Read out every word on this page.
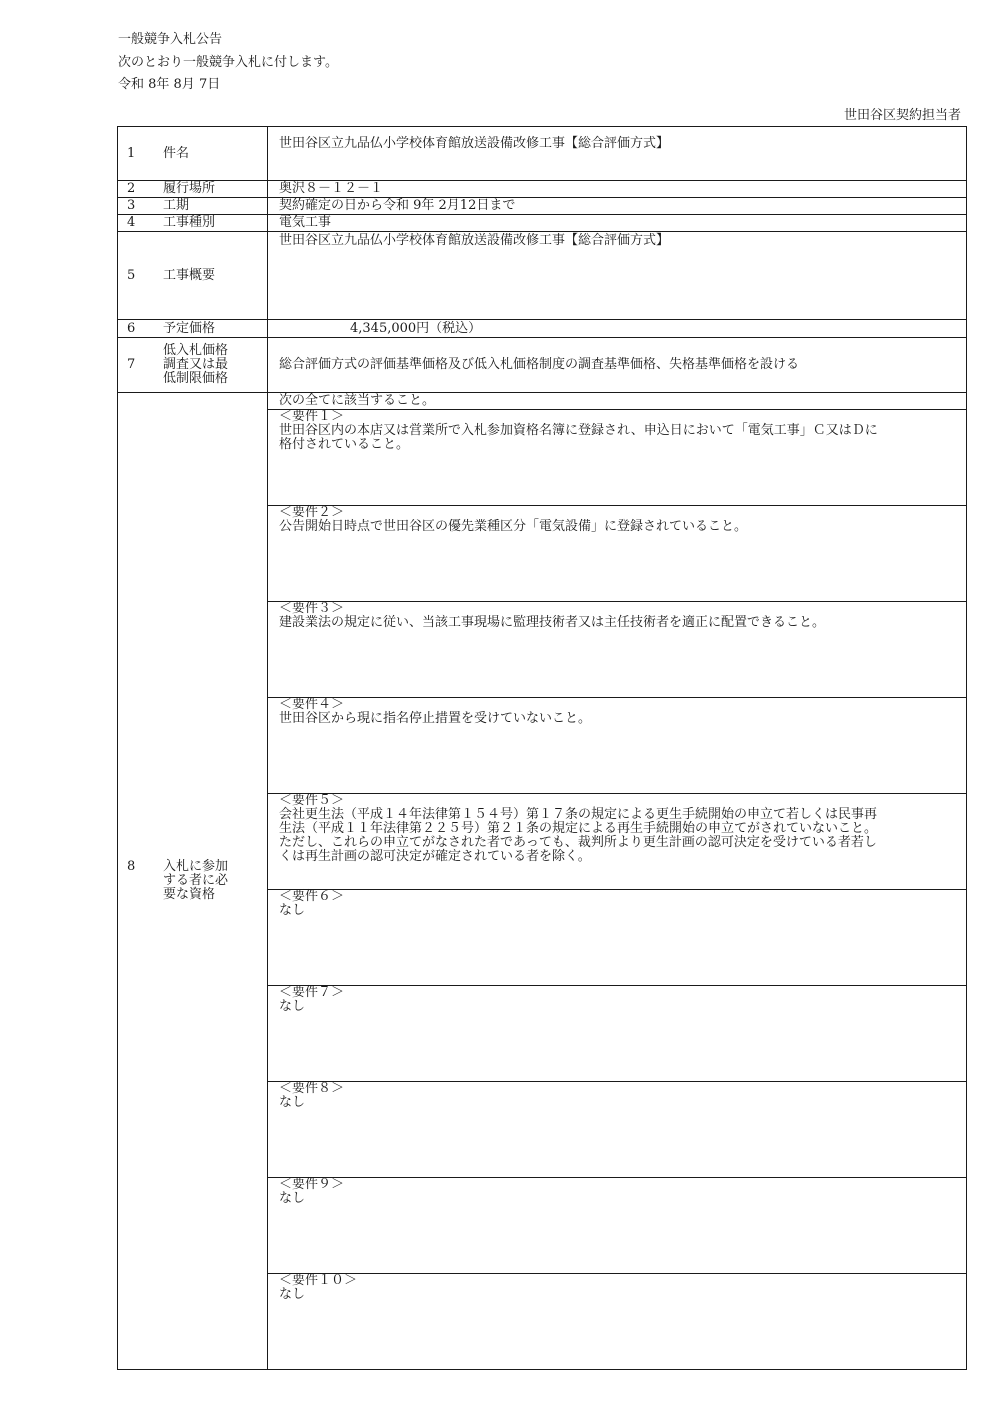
一般競争入札公告
次のとおり一般競争入札に付します。
令和 8年 8月 7日
世田谷区契約担当者
1 件名	世田谷区立九品仏小学校体育館放送設備改修工事【総合評価方式】

2 履行場所	奥沢８－１２－１

3 工期	契約確定の日から令和 9年 2月12日まで

4 工事種別	電気工事

5 工事概要	世田谷区立九品仏小学校体育館放送設備改修工事【総合評価方式】

6 予定価格	4,345,000円（税込）

7
低入札価格
調査又は最
低制限価格	総合評価方式の評価基準価格及び低入札価格制度の調査基準価格、失格基準価格を設ける

8 入札に参加
する者に必
要な資格	次の全てに該当すること。

	＜要件１＞
世田谷区内の本店又は営業所で入札参加資格名簿に登録され、申込日において「電気工事」Ｃ又はＤに格付されていること。

	＜要件２＞
公告開始日時点で世田谷区の優先業種区分「電気設備」に登録されていること。

	＜要件３＞
建設業法の規定に従い、当該工事現場に監理技術者又は主任技術者を適正に配置できること。

	＜要件４＞
世田谷区から現に指名停止措置を受けていないこと。

	＜要件５＞
会社更生法（平成１４年法律第１５４号）第１７条の規定による更生手続開始の申立て若しくは民事再生法（平成１１年法律第２２５号）第２１条の規定による再生手続開始の申立てがされていないこと。ただし、これらの申立てがなされた者であっても、裁判所より更生計画の認可決定を受けている者若しくは再生計画の認可決定が確定されている者を除く。

	＜要件６＞
なし

	＜要件７＞
なし

	＜要件８＞
なし

	＜要件９＞
なし

	＜要件１０＞
なし
